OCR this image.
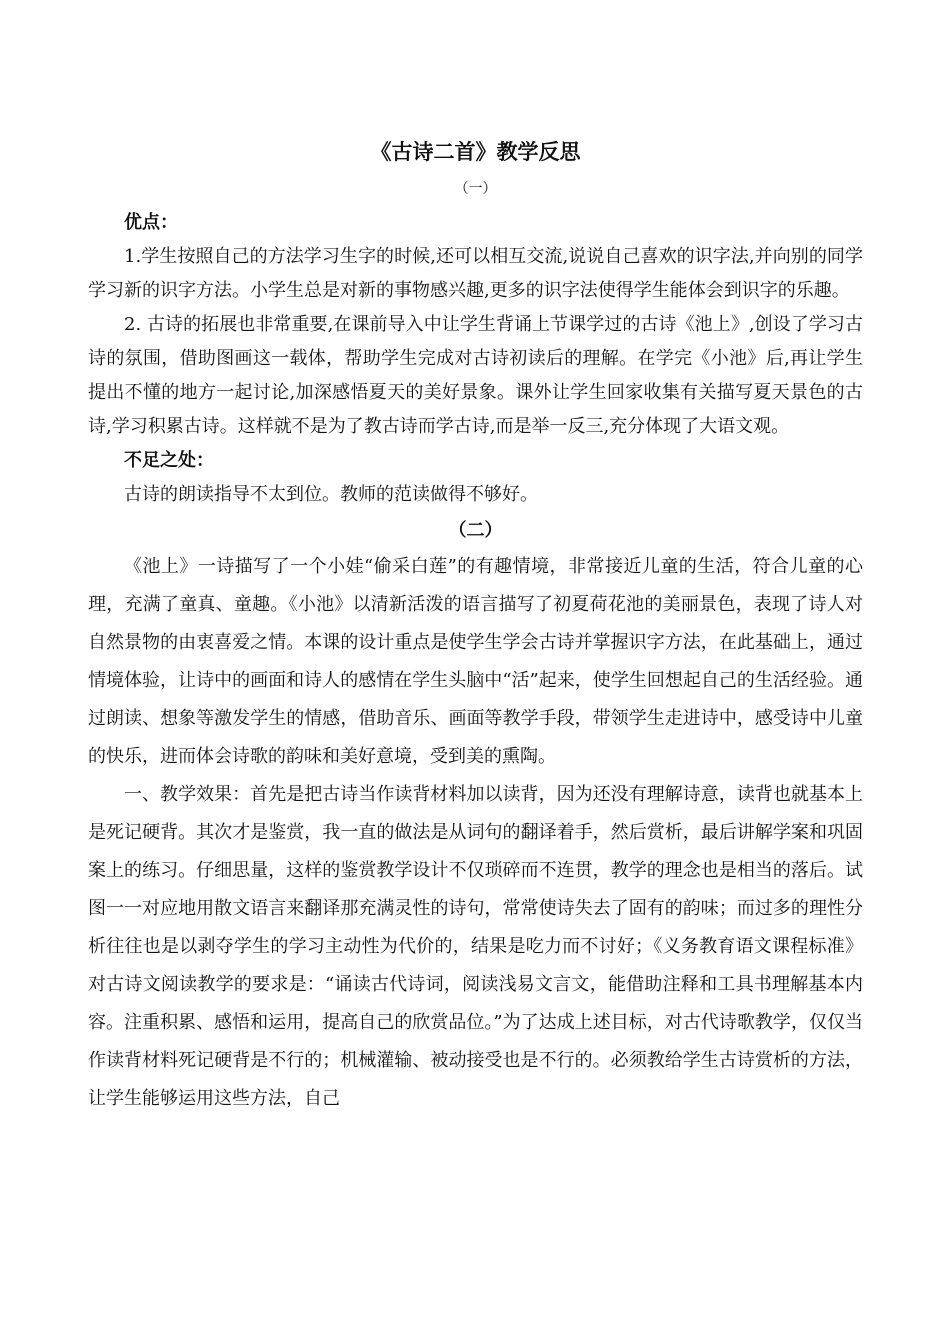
《古诗二首》教学反思
（一）
优点：

1.学生按照自己的方法学习生字的时候,还可以相互交流,说说自己喜欢的识字法,并向别的同学学习新的识字方法。小学生总是对新的事物感兴趣,更多的识字法使得学生能体会到识字的乐趣。

2. 古诗的拓展也非常重要,在课前导入中让学生背诵上节课学过的古诗《池上》,创设了学习古诗的氛围，借助图画这一载体，帮助学生完成对古诗初读后的理解。在学完《小池》后,再让学生提出不懂的地方一起讨论,加深感悟夏天的美好景象。课外让学生回家收集有关描写夏天景色的古诗,学习积累古诗。这样就不是为了教古诗而学古诗,而是举一反三,充分体现了大语文观。

不足之处：

古诗的朗读指导不太到位。教师的范读做得不够好。

（二）

《池上》一诗描写了一个小娃“偷采白莲”的有趣情境，非常接近儿童的生活，符合儿童的心理，充满了童真、童趣。《小池》以清新活泼的语言描写了初夏荷花池的美丽景色，表现了诗人对自然景物的由衷喜爱之情。本课的设计重点是使学生学会古诗并掌握识字方法，在此基础上，通过情境体验，让诗中的画面和诗人的感情在学生头脑中“活”起来，使学生回想起自己的生活经验。通过朗读、想象等激发学生的情感，借助音乐、画面等教学手段，带领学生走进诗中，感受诗中儿童的快乐，进而体会诗歌的韵味和美好意境，受到美的熏陶。

一、教学效果：首先是把古诗当作读背材料加以读背，因为还没有理解诗意，读背也就基本上是死记硬背。其次才是鉴赏，我一直的做法是从词句的翻译着手，然后赏析，最后讲解学案和巩固案上的练习。仔细思量，这样的鉴赏教学设计不仅琐碎而不连贯，教学的理念也是相当的落后。试图一一对应地用散文语言来翻译那充满灵性的诗句，常常使诗失去了固有的韵味；而过多的理性分析往往也是以剥夺学生的学习主动性为代价的，结果是吃力而不讨好；《义务教育语文课程标准》对古诗文阅读教学的要求是：“诵读古代诗词，阅读浅易文言文，能借助注释和工具书理解基本内容。注重积累、感悟和运用，提高自己的欣赏品位。”为了达成上述目标，对古代诗歌教学，仅仅当作读背材料死记硬背是不行的；机械灌输、被动接受也是不行的。必须教给学生古诗赏析的方法，让学生能够运用这些方法，自己
